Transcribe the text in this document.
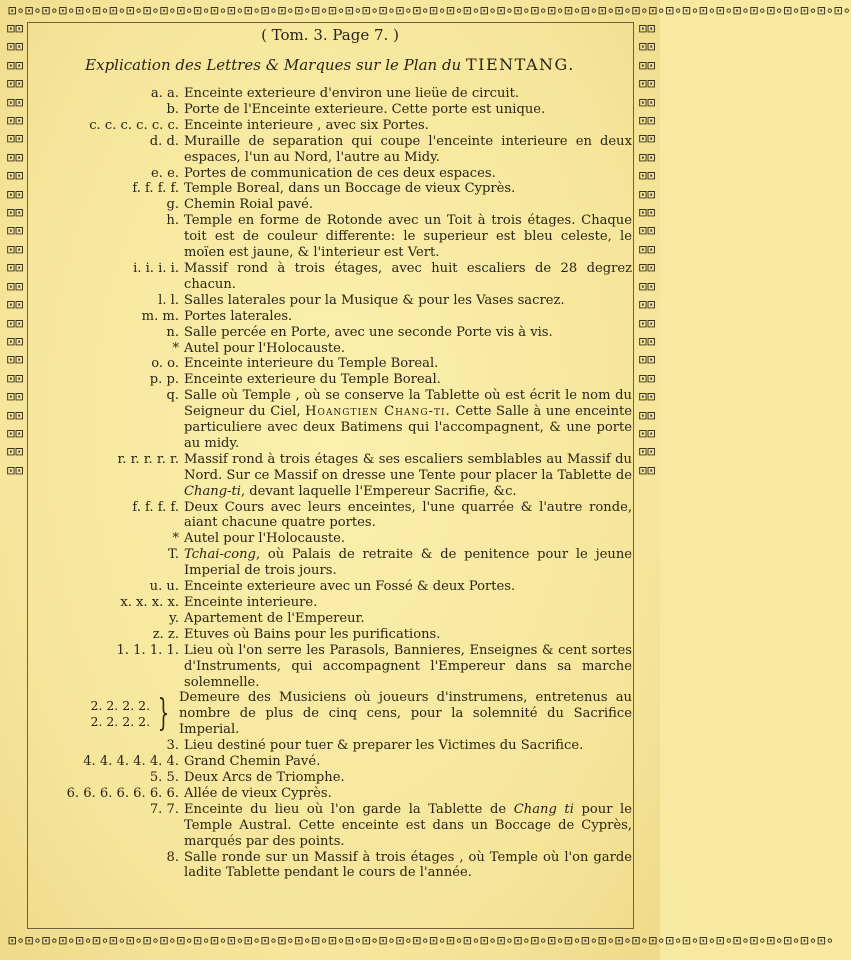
⊡∘⊡∘⊡∘⊡∘⊡∘⊡∘⊡∘⊡∘⊡∘⊡∘⊡∘⊡∘⊡∘⊡∘⊡∘⊡∘⊡∘⊡∘⊡∘⊡∘⊡∘⊡∘⊡∘⊡∘⊡∘⊡∘⊡∘⊡∘⊡∘⊡∘⊡∘⊡∘⊡∘⊡∘⊡∘⊡∘⊡∘⊡∘⊡∘⊡∘⊡∘⊡∘⊡∘⊡∘⊡∘⊡∘⊡∘⊡∘⊡∘⊡∘
⊡∘⊡∘⊡∘⊡∘⊡∘⊡∘⊡∘⊡∘⊡∘⊡∘⊡∘⊡∘⊡∘⊡∘⊡∘⊡∘⊡∘⊡∘⊡∘⊡∘⊡∘⊡∘⊡∘⊡∘⊡∘⊡∘⊡∘⊡∘⊡∘⊡∘⊡∘⊡∘⊡∘⊡∘⊡∘⊡∘⊡∘⊡∘⊡∘⊡∘⊡∘⊡∘⊡∘⊡∘⊡∘⊡∘⊡∘⊡∘⊡∘
⊡⊡⊡⊡⊡⊡⊡⊡⊡⊡⊡⊡⊡⊡⊡⊡⊡⊡⊡⊡⊡⊡⊡⊡⊡⊡⊡⊡⊡⊡⊡⊡⊡⊡⊡⊡⊡⊡⊡⊡⊡⊡⊡⊡⊡⊡⊡⊡⊡⊡
⊡⊡⊡⊡⊡⊡⊡⊡⊡⊡⊡⊡⊡⊡⊡⊡⊡⊡⊡⊡⊡⊡⊡⊡⊡⊡⊡⊡⊡⊡⊡⊡⊡⊡⊡⊡⊡⊡⊡⊡⊡⊡⊡⊡⊡⊡⊡⊡⊡⊡
( Tom. 3. Page 7. )
Explication des Lettres & Marques sur le Plan du TIENTANG.
a. a. Enceinte exterieure d'environ une lieüe de circuit.
b. Porte de l'Enceinte exterieure. Cette porte est unique.
c. c. c. c. c. c. Enceinte interieure , avec six Portes.
d. d. Muraille de separation qui coupe l'enceinte interieure en deux espaces, l'un au Nord, l'autre au Midy.
e. e. Portes de communication de ces deux espaces.
f. f. f. f. Temple Boreal, dans un Boccage de vieux Cyprès.
g. Chemin Roial pavé.
h. Temple en forme de Rotonde avec un Toit à trois étages. Chaque toit est de couleur differente: le superieur est bleu celeste, le moïen est jaune, & l'interieur est Vert.
i. i. i. i. Massif rond à trois étages, avec huit escaliers de 28 degrez chacun.
l. l. Salles laterales pour la Musique & pour les Vases sacrez.
m. m. Portes laterales.
n. Salle percée en Porte, avec une seconde Porte vis à vis.
* Autel pour l'Holocauste.
o. o. Enceinte interieure du Temple Boreal.
p. p. Enceinte exterieure du Temple Boreal.
q. Salle où Temple , où se conserve la Tablette où est écrit le nom du Seigneur du Ciel, Hoangtien Chang-ti. Cette Salle à une enceinte particuliere avec deux Batimens qui l'accompagnent, & une porte au midy.
r. r. r. r. r. Massif rond à trois étages & ses escaliers semblables au Massif du Nord. Sur ce Massif on dresse une Tente pour placer la Tablette de Chang-ti, devant laquelle l'Empereur Sacrifie, &c.
f. f. f. f. Deux Cours avec leurs enceintes, l'une quarrée & l'autre ronde, aiant chacune quatre portes.
* Autel pour l'Holocauste.
T. Tchai-cong, où Palais de retraite & de penitence pour le jeune Imperial de trois jours.
u. u. Enceinte exterieure avec un Fossé & deux Portes.
x. x. x. x. Enceinte interieure.
y. Apartement de l'Empereur.
z. z. Etuves où Bains pour les purifications.
1. 1. 1. 1. Lieu où l'on serre les Parasols, Bannieres, Enseignes & cent sortes d'Instruments, qui accompagnent l'Empereur dans sa marche solemnelle.
2. 2. 2. 2.
2. 2. 2. 2. } Demeure des Musiciens où joueurs d'instrumens, entretenus au nombre de plus de cinq cens, pour la solemnité du Sacrifice Imperial.
3. Lieu destiné pour tuer & preparer les Victimes du Sacrifice.
4. 4. 4. 4. 4. 4. Grand Chemin Pavé.
5. 5. Deux Arcs de Triomphe.
6. 6. 6. 6. 6. 6. 6. Allée de vieux Cyprès.
7. 7. Enceinte du lieu où l'on garde la Tablette de Chang ti pour le Temple Austral. Cette enceinte est dans un Boccage de Cyprès, marqués par des points.
8. Salle ronde sur un Massif à trois étages , où Temple où l'on garde ladite Tablette pendant le cours de l'année.
